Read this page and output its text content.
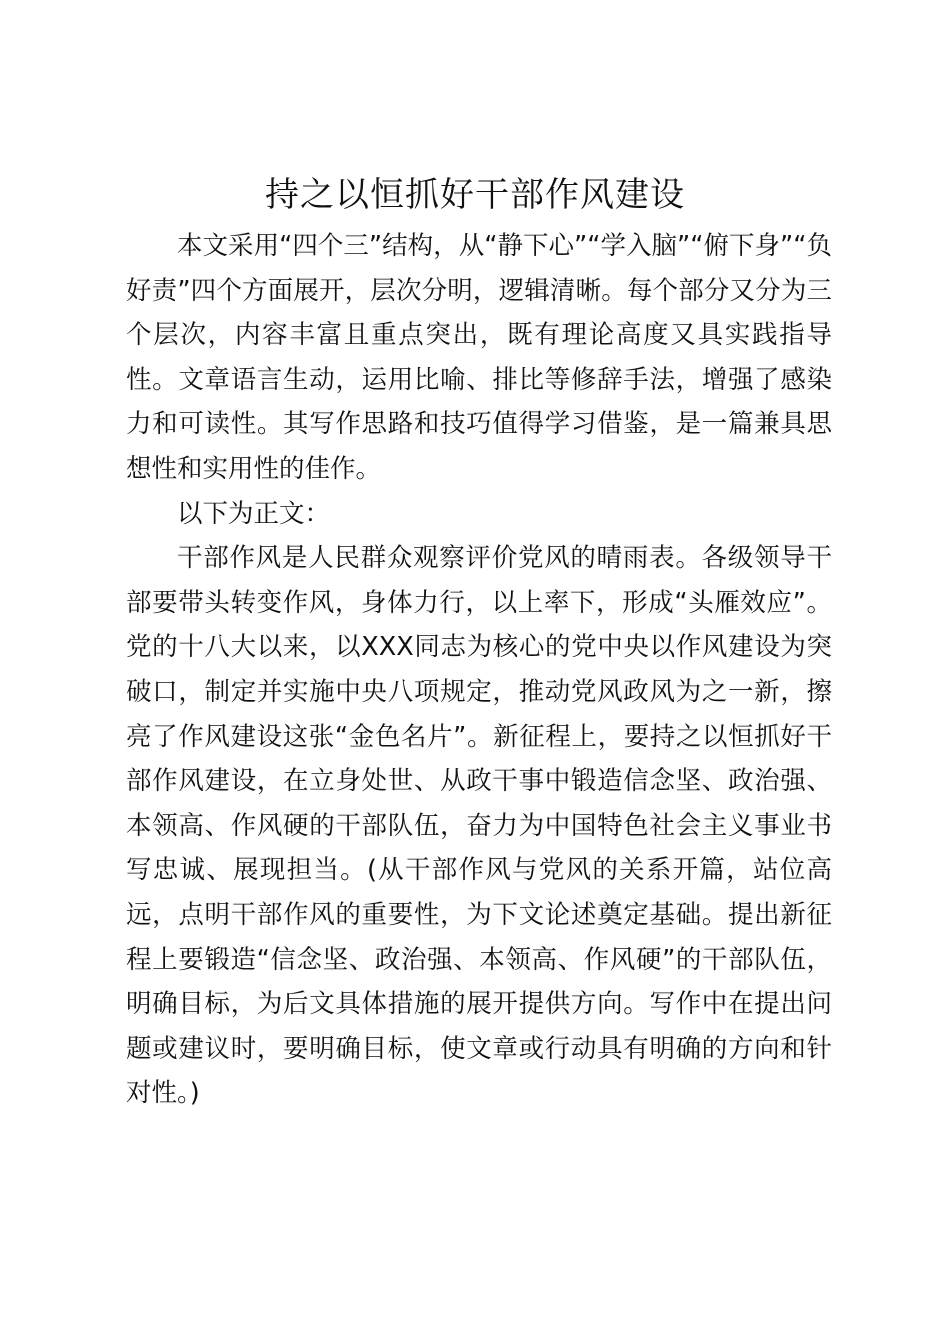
持之以恒抓好干部作风建设

本文采用“四个三”结构，从“静下心”“学入脑”“俯下身”“负好责”四个方面展开，层次分明，逻辑清晰。每个部分又分为三个层次，内容丰富且重点突出，既有理论高度又具实践指导性。文章语言生动，运用比喻、排比等修辞手法，增强了感染力和可读性。其写作思路和技巧值得学习借鉴，是一篇兼具思想性和实用性的佳作。

以下为正文：

干部作风是人民群众观察评价党风的晴雨表。各级领导干部要带头转变作风，身体力行，以上率下，形成“头雁效应”。党的十八大以来，以XXX同志为核心的党中央以作风建设为突破口，制定并实施中央八项规定，推动党风政风为之一新，擦亮了作风建设这张“金色名片”。新征程上，要持之以恒抓好干部作风建设，在立身处世、从政干事中锻造信念坚、政治强、本领高、作风硬的干部队伍，奋力为中国特色社会主义事业书写忠诚、展现担当。(从干部作风与党风的关系开篇，站位高远，点明干部作风的重要性，为下文论述奠定基础。提出新征程上要锻造“信念坚、政治强、本领高、作风硬”的干部队伍，明确目标，为后文具体措施的展开提供方向。写作中在提出问题或建议时，要明确目标，使文章或行动具有明确的方向和针对性。)
